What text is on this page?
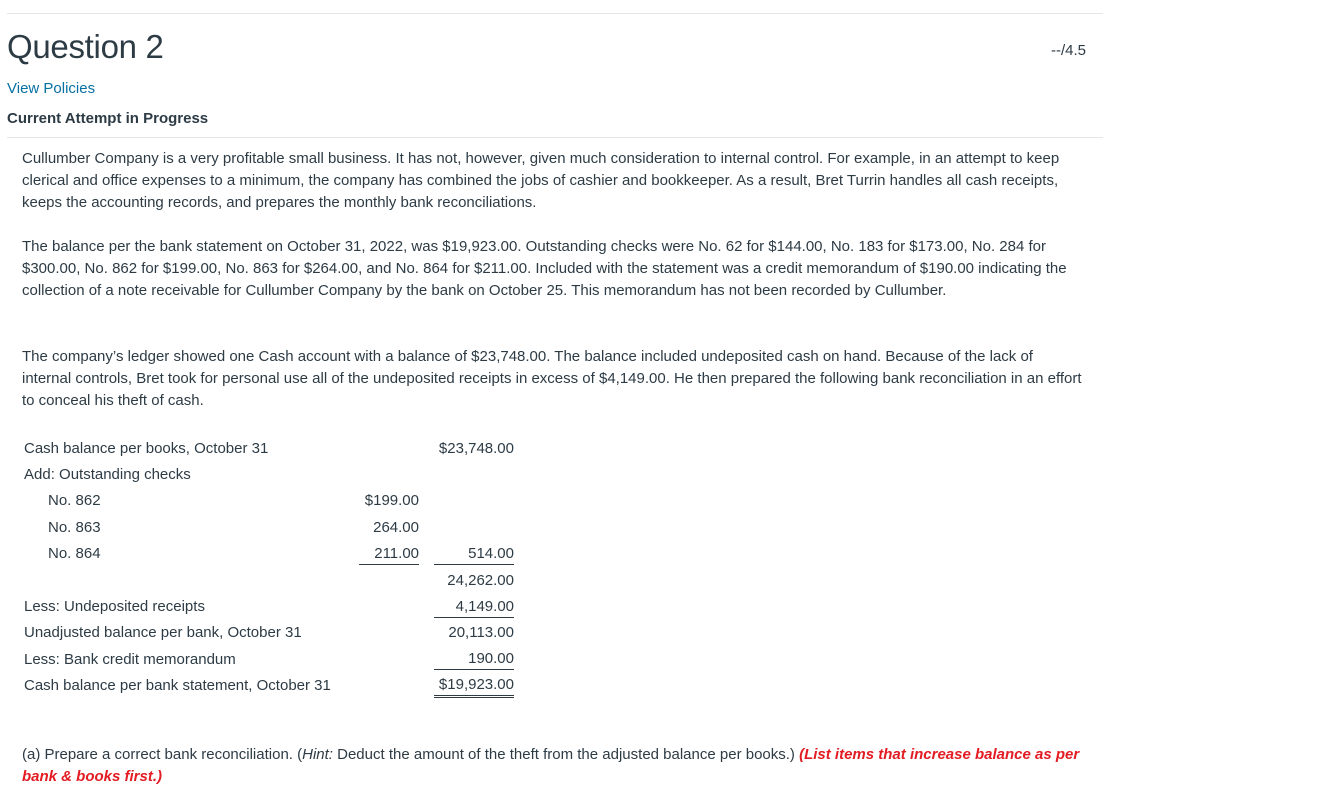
Question 2	--/4.5
View Policies
Current Attempt in Progress

Cullumber Company is a very profitable small business. It has not, however, given much consideration to internal control. For example, in an attempt to keep clerical and office expenses to a minimum, the company has combined the jobs of cashier and bookkeeper. As a result, Bret Turrin handles all cash receipts, keeps the accounting records, and prepares the monthly bank reconciliations.

The balance per the bank statement on October 31, 2022, was $19,923.00. Outstanding checks were No. 62 for $144.00, No. 183 for $173.00, No. 284 for $300.00, No. 862 for $199.00, No. 863 for $264.00, and No. 864 for $211.00. Included with the statement was a credit memorandum of $190.00 indicating the collection of a note receivable for Cullumber Company by the bank on October 25. This memorandum has not been recorded by Cullumber.

The company’s ledger showed one Cash account with a balance of $23,748.00. The balance included undeposited cash on hand. Because of the lack of internal controls, Bret took for personal use all of the undeposited receipts in excess of $4,149.00. He then prepared the following bank reconciliation in an effort to conceal his theft of cash.

Cash balance per books, October 31			$23,748.00
Add: Outstanding checks			
No. 862	$199.00		
No. 863	264.00		
No. 864	211.00		514.00

			24,262.00
Less: Undeposited receipts			4,149.00

Unadjusted balance per bank, October 31			20,113.00
Less: Bank credit memorandum			190.00

Cash balance per bank statement, October 31			$19,923.00
(a) Prepare a correct bank reconciliation. (Hint: Deduct the amount of the theft from the adjusted balance per books.) (List items that increase balance as per bank & books first.)
